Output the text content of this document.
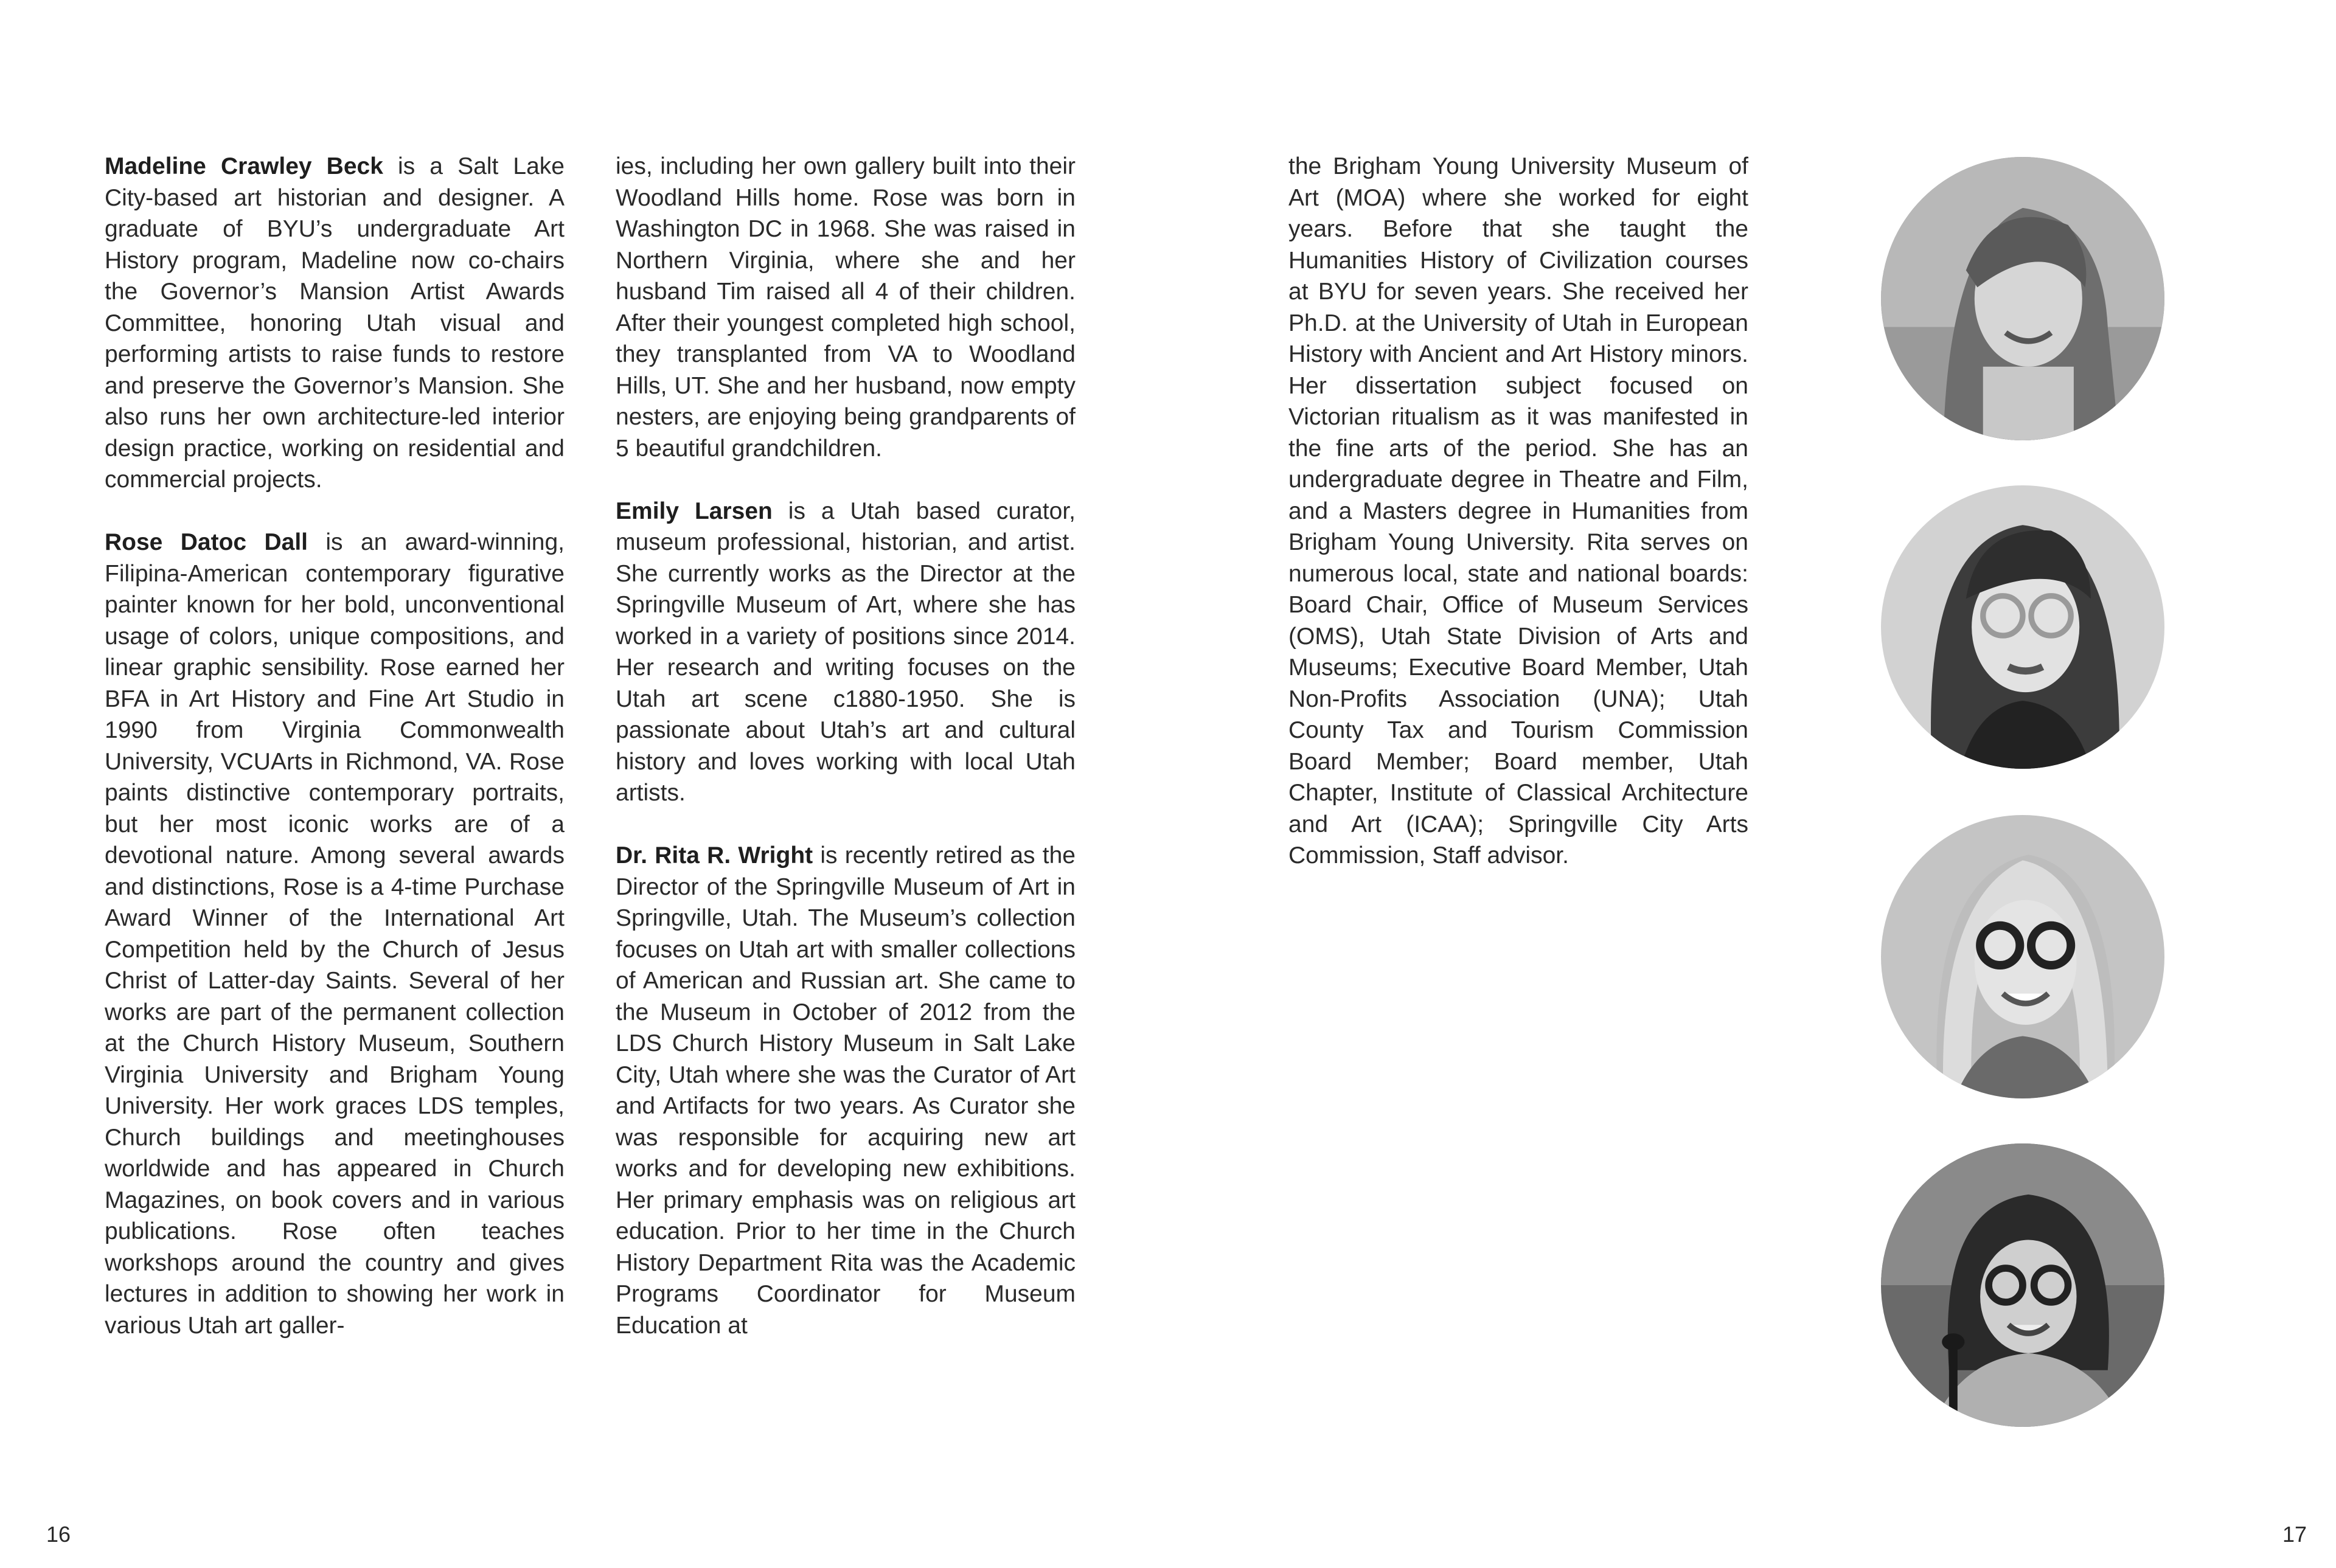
Madeline Crawley Beck is a Salt Lake City-based art historian and designer. A graduate of BYU’s undergraduate Art History program, Madeline now co-chairs the Governor’s Mansion Artist Awards Committee, honoring Utah visual and performing artists to raise funds to restore and preserve the Governor’s Mansion. She also runs her own architecture-led interior design practice, working on residential and commercial projects.

Rose Datoc Dall is an award-winning, Filipina-American contemporary figurative painter known for her bold, unconventional usage of colors, unique compositions, and linear graphic sensibility. Rose earned her BFA in Art History and Fine Art Studio in 1990 from Virginia Commonwealth University, VCUArts in Richmond, VA. Rose paints distinctive contemporary portraits, but her most iconic works are of a devotional nature. Among several awards and distinctions, Rose is a 4-time Purchase Award Winner of the International Art Competition held by the Church of Jesus Christ of Latter-day Saints. Several of her works are part of the permanent collection at the Church History Museum, Southern Virginia University and Brigham Young University. Her work graces LDS temples, Church buildings and meetinghouses worldwide and has appeared in Church Magazines, on book covers and in various publications. Rose often teaches workshops around the country and gives lectures in addition to showing her work in various Utah art galler-

ies, including her own gallery built into their Woodland Hills home. Rose was born in Washington DC in 1968. She was raised in Northern Virginia, where she and her husband Tim raised all 4 of their children. After their youngest completed high school, they transplanted from VA to Woodland Hills, UT. She and her husband, now empty nesters, are enjoying being grandparents of 5 beautiful grandchildren.

Emily Larsen is a Utah based curator, museum professional, historian, and artist. She currently works as the Director at the Springville Museum of Art, where she has worked in a variety of positions since 2014. Her research and writing focuses on the Utah art scene c1880-1950. She is passionate about Utah’s art and cultural history and loves working with local Utah artists.

Dr. Rita R. Wright is recently retired as the Director of the Springville Museum of Art in Springville, Utah. The Museum’s collection focuses on Utah art with smaller collections of American and Russian art. She came to the Museum in October of 2012 from the LDS Church History Museum in Salt Lake City, Utah where she was the Curator of Art and Artifacts for two years. As Curator she was responsible for acquiring new art works and for developing new exhibitions. Her primary emphasis was on religious art education. Prior to her time in the Church History Department Rita was the Academic Programs Coordinator for Museum Education at

the Brigham Young University Museum of Art (MOA) where she worked for eight years. Before that she taught the Humanities History of Civilization courses at BYU for seven years. She received her Ph.D. at the University of Utah in European History with Ancient and Art History minors. Her dissertation subject focused on Victorian ritualism as it was manifested in the fine arts of the period. She has an undergraduate degree in Theatre and Film, and a Masters degree in Humanities from Brigham Young University. Rita serves on numerous local, state and national boards: Board Chair, Office of Museum Services (OMS), Utah State Division of Arts and Museums; Executive Board Member, Utah Non-Profits Association (UNA); Utah County Tax and Tourism Commission Board Member; Board member, Utah Chapter, Institute of Classical Architecture and Art (ICAA); Springville City Arts Commission, Staff advisor.

16	17
